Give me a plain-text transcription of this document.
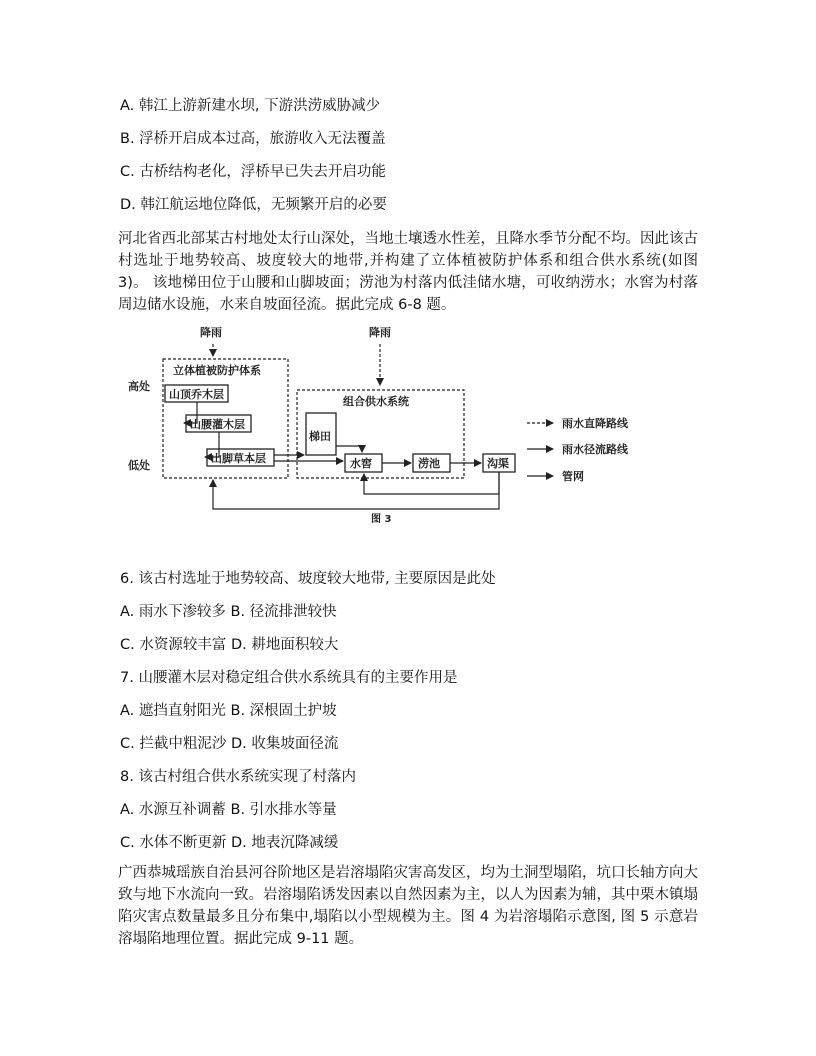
A. 韩江上游新建水坝, 下游洪涝威胁减少
B. 浮桥开启成本过高，旅游收入无法覆盖
C. 古桥结构老化，浮桥早已失去开启功能
D. 韩江航运地位降低，无频繁开启的必要
河北省西北部某古村地处太行山深处，当地土壤透水性差，且降水季节分配不均。因此该古村选址于地势较高、坡度较大的地带,并构建了立体植被防护体系和组合供水系统(如图 3)。 该地梯田位于山腰和山脚坡面；涝池为村落内低洼储水塘，可收纳涝水；水窖为村落周边储水设施，水来自坡面径流。据此完成 6-8 题。
降雨	降雨
高处
低处
立体植被防护体系
组合供水系统
山顶乔木层
山腰灌木层
山脚草本层
梯田
水窖	涝池	沟渠
雨水直降路线
雨水径流路线
管网
图 3
6. 该古村选址于地势较高、坡度较大地带, 主要原因是此处
A. 雨水下渗较多 B. 径流排泄较快
C. 水资源较丰富 D. 耕地面积较大
7. 山腰灌木层对稳定组合供水系统具有的主要作用是
A. 遮挡直射阳光 B. 深根固土护坡
C. 拦截中粗泥沙 D. 收集坡面径流
8. 该古村组合供水系统实现了村落内
A. 水源互补调蓄 B. 引水排水等量
C. 水体不断更新 D. 地表沉降减缓
广西恭城瑶族自治县河谷阶地区是岩溶塌陷灾害高发区，均为土洞型塌陷，坑口长轴方向大致与地下水流向一致。岩溶塌陷诱发因素以自然因素为主，以人为因素为辅，其中栗木镇塌陷灾害点数量最多且分布集中,塌陷以小型规模为主。图 4 为岩溶塌陷示意图, 图 5 示意岩溶塌陷地理位置。据此完成 9-11 题。
